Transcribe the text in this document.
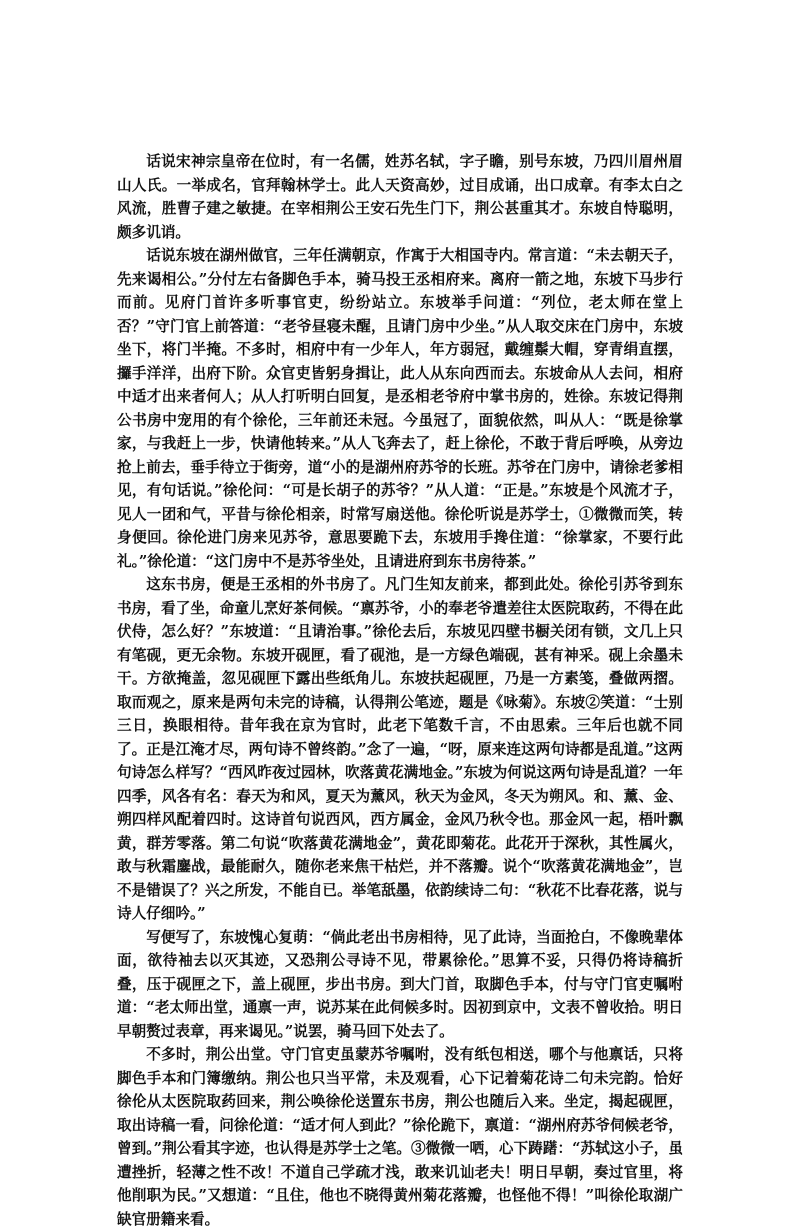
话说宋神宗皇帝在位时，有一名儒，姓苏名轼，字子瞻，别号东坡，乃四川眉州眉山人氏。一举成名，官拜翰林学士。此人天资高妙，过目成诵，出口成章。有李太白之风流，胜曹子建之敏捷。在宰相荆公王安石先生门下，荆公甚重其才。东坡自恃聪明，颇多讥诮。

话说东坡在湖州做官，三年任满朝京，作寓于大相国寺内。常言道：“未去朝天子，先来谒相公。”分付左右备脚色手本，骑马投王丞相府来。离府一箭之地，东坡下马步行而前。见府门首许多听事官吏，纷纷站立。东坡举手问道：“列位，老太师在堂上否？”守门官上前答道：“老爷昼寝未醒，且请门房中少坐。”从人取交床在门房中，东坡坐下，将门半掩。不多时，相府中有一少年人，年方弱冠，戴缠鬃大帽，穿青绢直摆，攞手洋洋，出府下阶。众官吏皆躬身揖让，此人从东向西而去。东坡命从人去问，相府中适才出来者何人；从人打听明白回复，是丞相老爷府中掌书房的，姓徐。东坡记得荆公书房中宠用的有个徐伦，三年前还未冠。今虽冠了，面貌依然，叫从人：“既是徐掌家，与我赶上一步，快请他转来。”从人飞奔去了，赶上徐伦，不敢于背后呼唤，从旁边抢上前去，垂手待立于街旁，道“小的是湖州府苏爷的长班。苏爷在门房中，请徐老爹相见，有句话说。”徐伦问：“可是长胡子的苏爷？”从人道：“正是。”东坡是个风流才子，见人一团和气，平昔与徐伦相亲，时常写扇送他。徐伦听说是苏学士，①微微而笑，转身便回。徐伦进门房来见苏爷，意思要跪下去，东坡用手搀住道：“徐掌家，不要行此礼。”徐伦道：“这门房中不是苏爷坐处，且请进府到东书房待茶。”

这东书房，便是王丞相的外书房了。凡门生知友前来，都到此处。徐伦引苏爷到东书房，看了坐，命童儿烹好茶伺候。“禀苏爷，小的奉老爷遣差往太医院取药，不得在此伏侍，怎么好？”东坡道：“且请治事。”徐伦去后，东坡见四壁书橱关闭有锁，文几上只有笔砚，更无余物。东坡开砚匣，看了砚池，是一方绿色端砚，甚有神采。砚上余墨未干。方欲掩盖，忽见砚匣下露出些纸角儿。东坡扶起砚匣，乃是一方素笺，叠做两摺。取而观之，原来是两句未完的诗稿，认得荆公笔迹，题是《咏菊》。东坡②笑道：“士别三日，换眼相待。昔年我在京为官时，此老下笔数千言，不由思索。三年后也就不同了。正是江淹才尽，两句诗不曾终韵。”念了一遍，“呀，原来连这两句诗都是乱道。”这两句诗怎么样写？“西风昨夜过园林，吹落黄花满地金。”东坡为何说这两句诗是乱道？一年四季，风各有名：春天为和风，夏天为薰风，秋天为金风，冬天为朔风。和、薰、金、朔四样风配着四时。这诗首句说西风，西方属金，金风乃秋令也。那金风一起，梧叶飘黄，群芳零落。第二句说“吹落黄花满地金”，黄花即菊花。此花开于深秋，其性属火，敢与秋霜鏖战，最能耐久，随你老来焦干枯烂，并不落瓣。说个“吹落黄花满地金”，岂不是错误了？兴之所发，不能自已。举笔舐墨，依韵续诗二句：“秋花不比春花落，说与诗人仔细吟。”

写便写了，东坡愧心复萌：“倘此老出书房相待，见了此诗，当面抢白，不像晚辈体面，欲待袖去以灭其迹，又恐荆公寻诗不见，带累徐伦。”思算不妥，只得仍将诗稿折叠，压于砚匣之下，盖上砚匣，步出书房。到大门首，取脚色手本，付与守门官吏嘱咐道：“老太师出堂，通禀一声，说苏某在此伺候多时。因初到京中，文表不曾收拾。明日早朝赘过表章，再来谒见。”说罢，骑马回下处去了。

不多时，荆公出堂。守门官吏虽蒙苏爷嘱咐，没有纸包相送，哪个与他禀话，只将脚色手本和门簿缴纳。荆公也只当平常，未及观看，心下记着菊花诗二句未完韵。恰好徐伦从太医院取药回来，荆公唤徐伦送置东书房，荆公也随后入来。坐定，揭起砚匣，取出诗稿一看，问徐伦道：“适才何人到此？”徐伦跪下，禀道：“湖州府苏爷伺候老爷，曾到。”荆公看其字迹，也认得是苏学士之笔。③微微一哂，心下踌躇：“苏轼这小子，虽遭挫折，轻薄之性不改！不道自己学疏才浅，敢来讥讪老夫！明日早朝，奏过官里，将他削职为民。”又想道：“且住，他也不晓得黄州菊花落瓣，也怪他不得！”叫徐伦取湖广缺官册籍来看。
